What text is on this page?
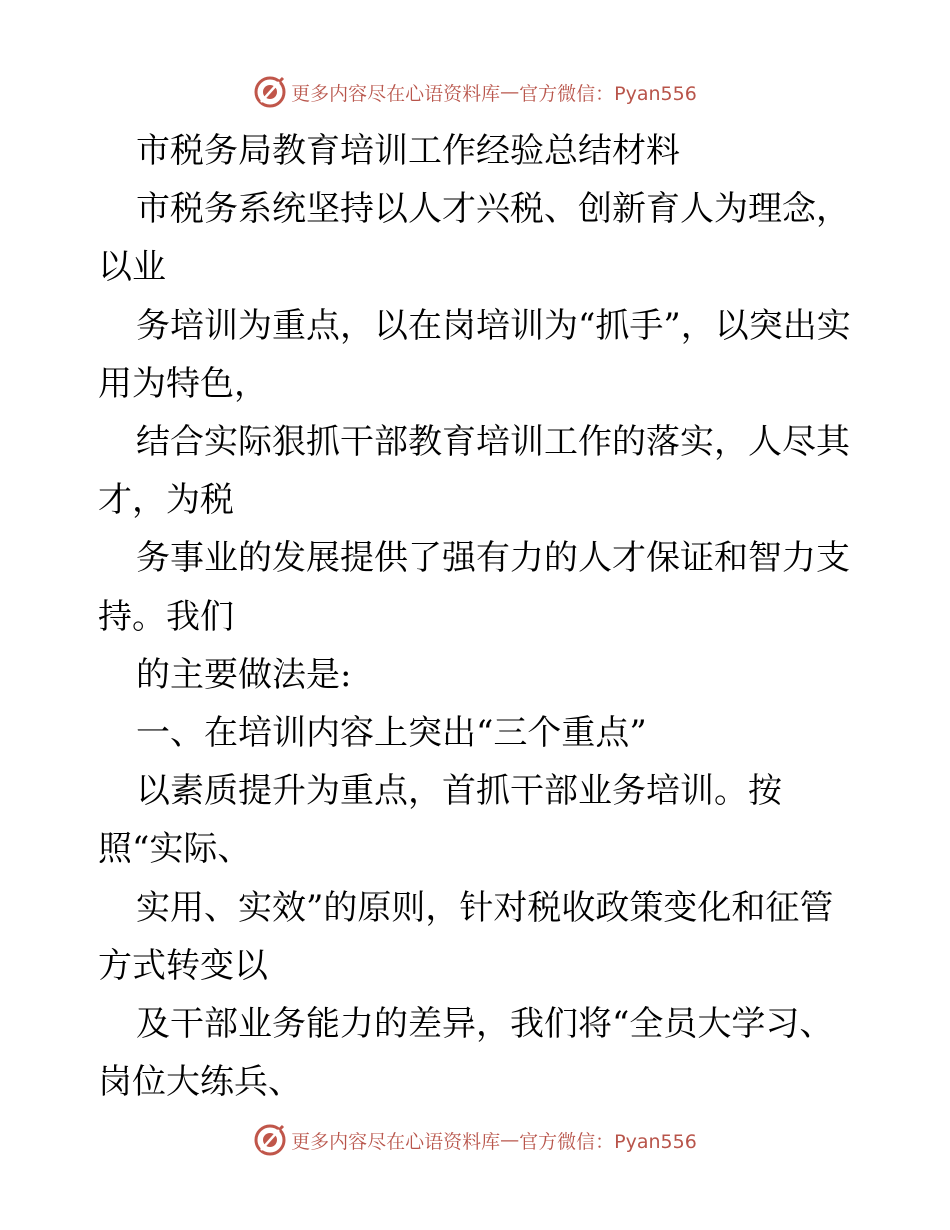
更多内容尽在心语资料库 — 官方微信：Pyan556

市税务局教育培训工作经验总结材料

市税务系统坚持以人才兴税、创新育人为理念，以业

务培训为重点，以在岗培训为“抓手”，以突出实用为特色，

结合实际狠抓干部教育培训工作的落实，人尽其才，为税

务事业的发展提供了强有力的人才保证和智力支持。我们

的主要做法是:

一、在培训内容上突出“三个重点”

以素质提升为重点，首抓干部业务培训。按照“实际、

实用、实效”的原则，针对税收政策变化和征管方式转变以

及干部业务能力的差异，我们将“全员大学习、岗位大练兵、

更多内容尽在心语资料库 — 官方微信：Pyan556
